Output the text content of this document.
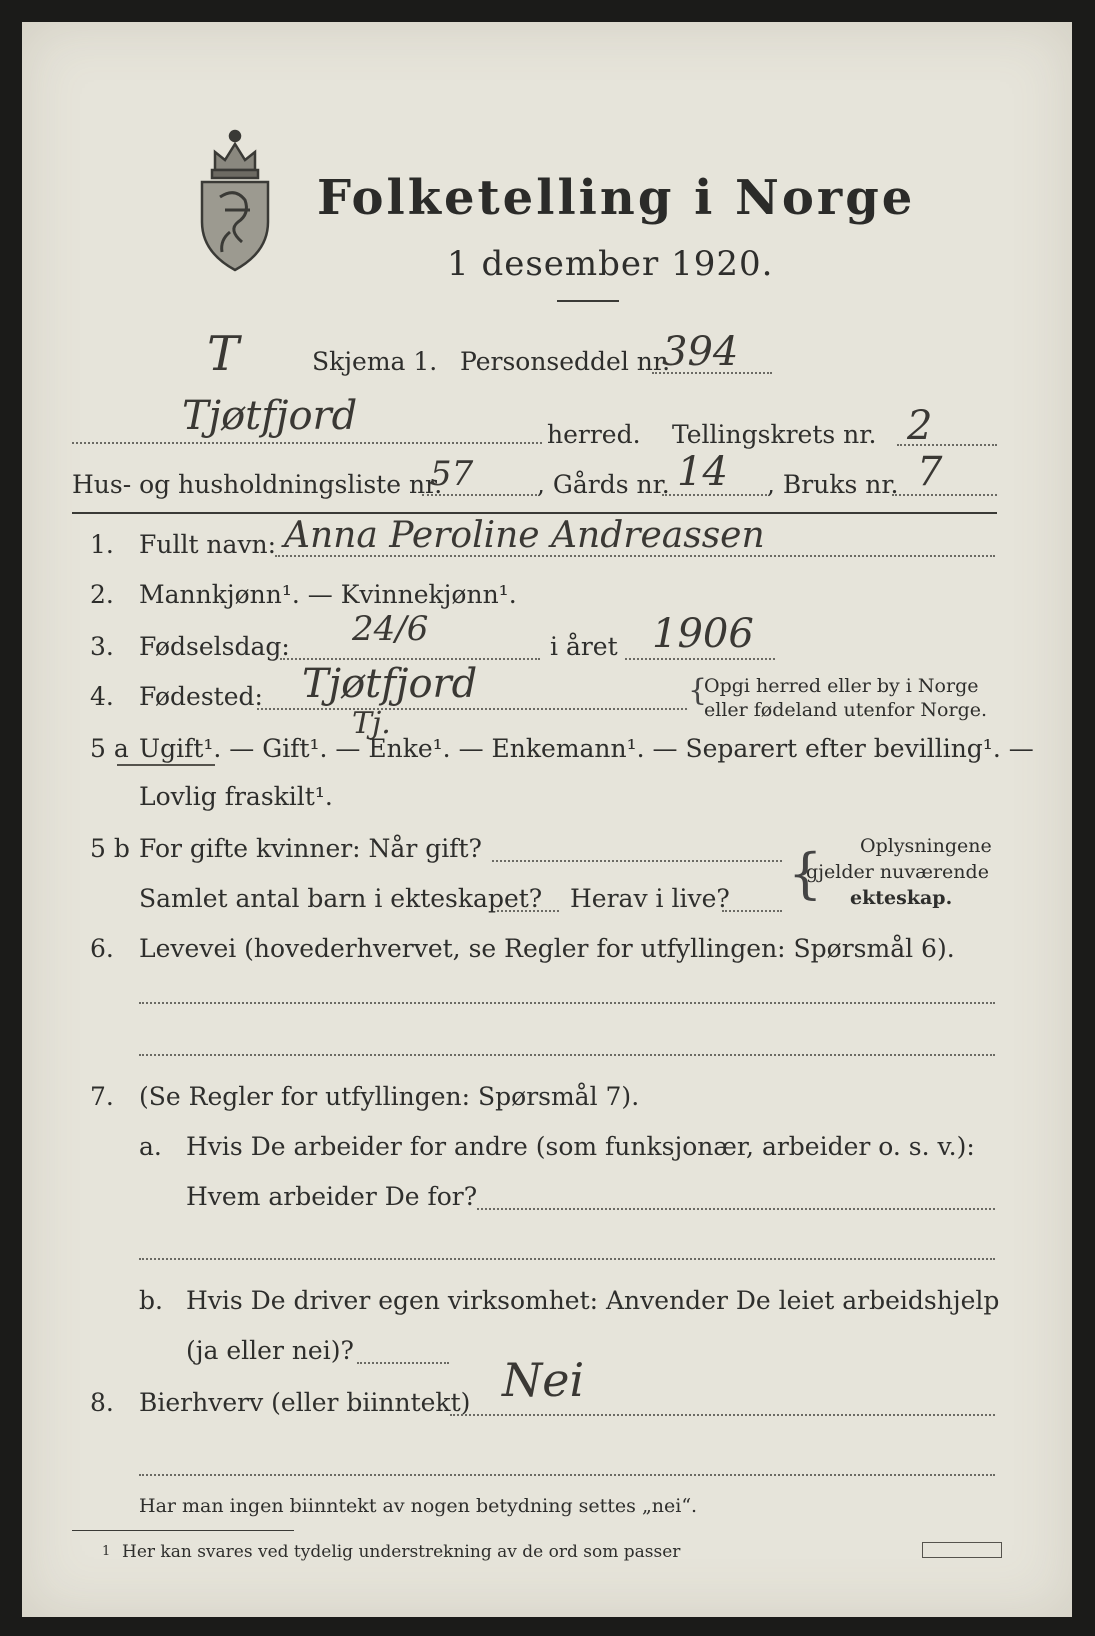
Folketelling i Norge
1 desember 1920.
T	Skjema 1. Personseddel nr.
394
Tjøtfjord	herred. Tellingskrets nr. 2
Hus- og husholdningsliste nr.
57	, Gårds nr. 14 , Bruks nr. 7
1. Fullt navn: Anna Peroline Andreassen
2. Mannkjønn¹. — Kvinnekjønn¹.
3. Fødselsdag: 24/6	i året 1906
4. Fødested: Tjøtfjord
Tj.
{
Opgi herred eller by i Norge
eller fødeland utenfor Norge.
5 a Ugift¹. — Gift¹. — Enke¹. — Enkemann¹. — Separert efter bevilling¹. —
Lovlig fraskilt¹.
5 b For gifte kvinner: Når gift?
Samlet antal barn i ekteskapet? Herav i live? { Oplysningene
gjelder nuværende
ekteskap.
6. Levevei (hovederhvervet, se Regler for utfyllingen: Spørsmål 6).
7. (Se Regler for utfyllingen: Spørsmål 7).
a. Hvis De arbeider for andre (som funksjonær, arbeider o. s. v.):
Hvem arbeider De for?
b. Hvis De driver egen virksomhet: Anvender De leiet arbeidshjelp
(ja eller nei)?
8. Bierhverv (eller biinntekt) Nei
Har man ingen biinntekt av nogen betydning settes „nei“.
1 Her kan svares ved tydelig understrekning av de ord som passer
